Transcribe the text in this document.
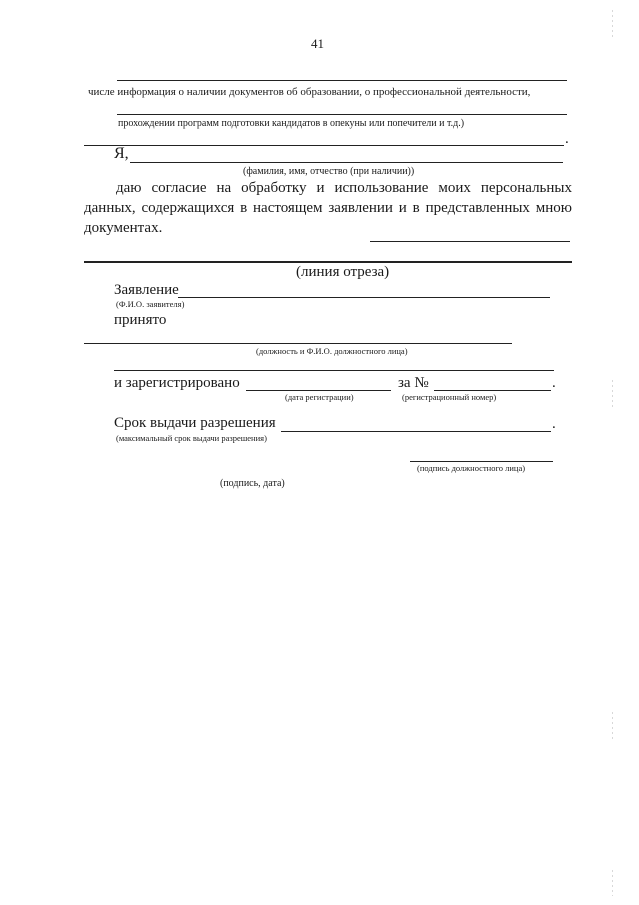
41
числе информация о наличии документов об образовании, о профессиональной деятельности,
прохождении программ подготовки кандидатов в опекуны или попечители и т.д.)
.
Я,
(фамилия, имя, отчество (при наличии))
даю согласие на обработку и использование моих персональных данных, содержащихся в настоящем заявлении и в представленных мною документах.
(линия отреза)
Заявление
(Ф.И.О. заявителя)
принято
(должность и Ф.И.О. должностного лица)
и зарегистрировано	за №	.
(дата регистрации)	(регистрационный номер)
Срок выдачи разрешения	.
(максимальный срок выдачи разрешения)
(подпись должностного лица)
(подпись, дата)
